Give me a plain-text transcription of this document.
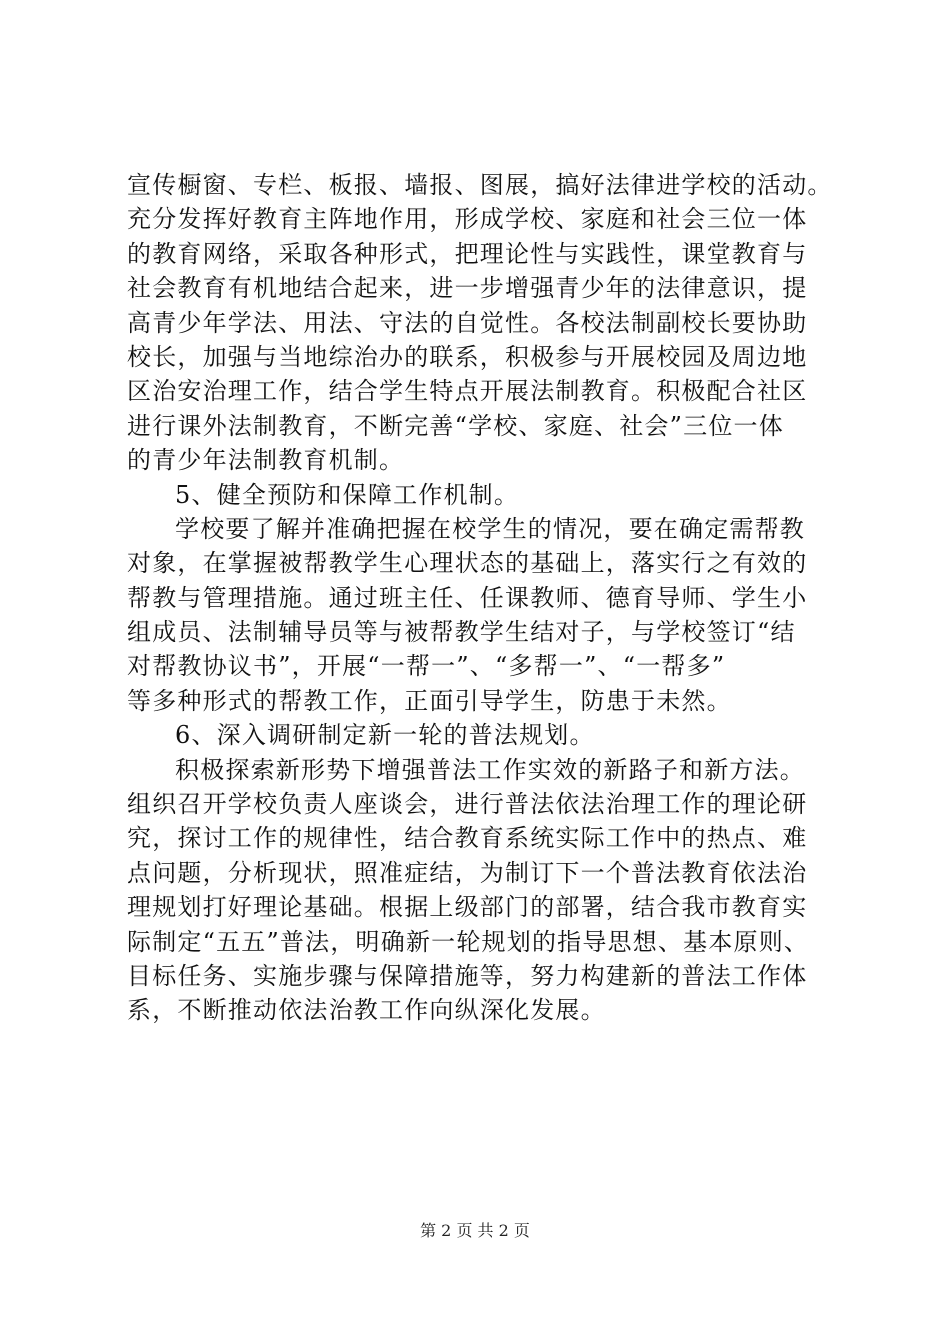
宣传橱窗、专栏、板报、墙报、图展，搞好法律进学校的活动。
充分发挥好教育主阵地作用，形成学校、家庭和社会三位一体
的教育网络，采取各种形式，把理论性与实践性，课堂教育与
社会教育有机地结合起来，进一步增强青少年的法律意识，提
高青少年学法、用法、守法的自觉性。各校法制副校长要协助
校长，加强与当地综治办的联系，积极参与开展校园及周边地
区治安治理工作，结合学生特点开展法制教育。积极配合社区
进行课外法制教育，不断完善“学校、家庭、社会”三位一体
的青少年法制教育机制。
5、健全预防和保障工作机制。
学校要了解并准确把握在校学生的情况，要在确定需帮教
对象，在掌握被帮教学生心理状态的基础上，落实行之有效的
帮教与管理措施。通过班主任、任课教师、德育导师、学生小
组成员、法制辅导员等与被帮教学生结对子，与学校签订“结
对帮教协议书”，开展“一帮一”、“多帮一”、“一帮多”
等多种形式的帮教工作，正面引导学生，防患于未然。
6、深入调研制定新一轮的普法规划。
积极探索新形势下增强普法工作实效的新路子和新方法。
组织召开学校负责人座谈会，进行普法依法治理工作的理论研
究，探讨工作的规律性，结合教育系统实际工作中的热点、难
点问题，分析现状，照准症结，为制订下一个普法教育依法治
理规划打好理论基础。根据上级部门的部署，结合我市教育实
际制定“五五”普法，明确新一轮规划的指导思想、基本原则、
目标任务、实施步骤与保障措施等，努力构建新的普法工作体
系，不断推动依法治教工作向纵深化发展。
第 2 页 共 2 页
